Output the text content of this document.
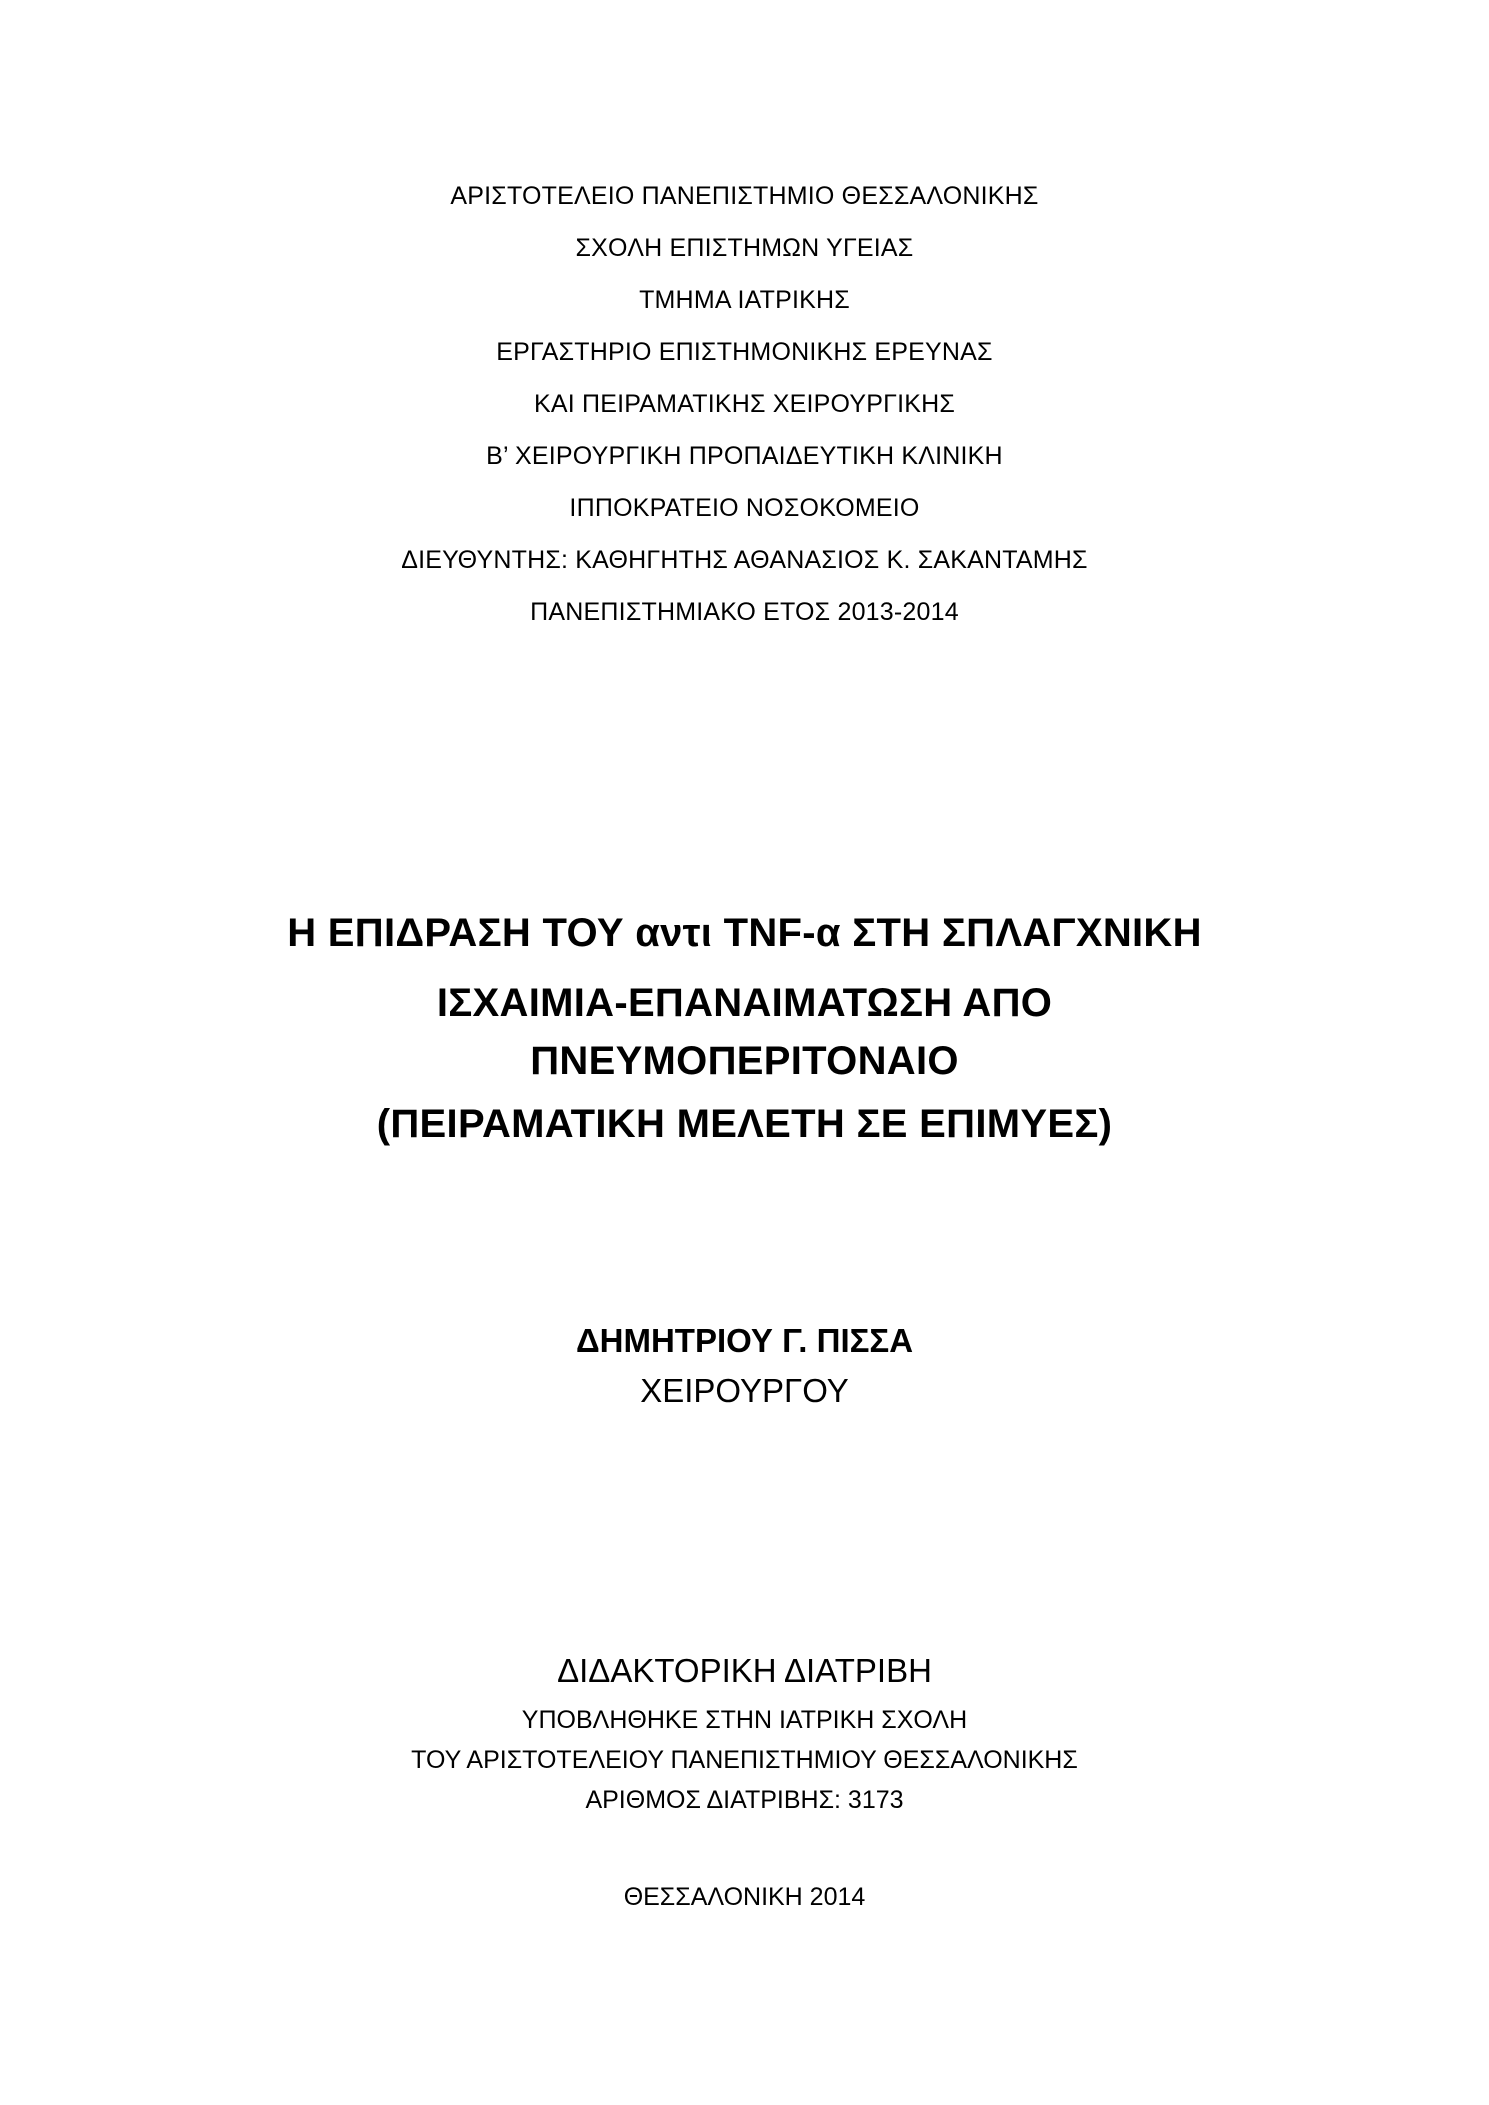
ΑΡΙΣΤΟΤΕΛΕΙΟ ΠΑΝΕΠΙΣΤΗΜΙΟ ΘΕΣΣΑΛΟΝΙΚΗΣ
ΣΧΟΛΗ ΕΠΙΣΤΗΜΩΝ ΥΓΕΙΑΣ
ΤΜΗΜΑ ΙΑΤΡΙΚΗΣ
ΕΡΓΑΣΤΗΡΙΟ ΕΠΙΣΤΗΜΟΝΙΚΗΣ ΕΡΕΥΝΑΣ
ΚΑΙ ΠΕΙΡΑΜΑΤΙΚΗΣ ΧΕΙΡΟΥΡΓΙΚΗΣ
Β’ ΧΕΙΡΟΥΡΓΙΚΗ ΠΡΟΠΑΙΔΕΥΤΙΚΗ ΚΛΙΝΙΚΗ
ΙΠΠΟΚΡΑΤΕΙΟ ΝΟΣΟΚΟΜΕΙΟ
ΔΙΕΥΘΥΝΤΗΣ: ΚΑΘΗΓΗΤΗΣ ΑΘΑΝΑΣΙΟΣ Κ. ΣΑΚΑΝΤΑΜΗΣ
ΠΑΝΕΠΙΣΤΗΜΙΑΚΟ ΕΤΟΣ 2013-2014
Η ΕΠΙΔΡΑΣΗ ΤΟΥ αντι TNF-α ΣΤΗ ΣΠΛΑΓΧΝΙΚΗ
ΙΣΧΑΙΜΙΑ-ΕΠΑΝΑΙΜΑΤΩΣΗ ΑΠΟ
ΠΝΕΥΜΟΠΕΡΙΤΟΝΑΙΟ
(ΠΕΙΡΑΜΑΤΙΚΗ ΜΕΛΕΤΗ ΣΕ ΕΠΙΜΥΕΣ)
ΔΗΜΗΤΡΙΟΥ Γ. ΠΙΣΣΑ
ΧΕΙΡΟΥΡΓΟΥ
ΔΙΔΑΚΤΟΡΙΚΗ ΔΙΑΤΡΙΒΗ
ΥΠΟΒΛΗΘΗΚΕ ΣΤΗΝ ΙΑΤΡΙΚΗ ΣΧΟΛΗ
ΤΟΥ ΑΡΙΣΤΟΤΕΛΕΙΟΥ ΠΑΝΕΠΙΣΤΗΜΙΟΥ ΘΕΣΣΑΛΟΝΙΚΗΣ
ΑΡΙΘΜΟΣ ΔΙΑΤΡΙΒΗΣ: 3173
ΘΕΣΣΑΛΟΝΙΚΗ 2014
